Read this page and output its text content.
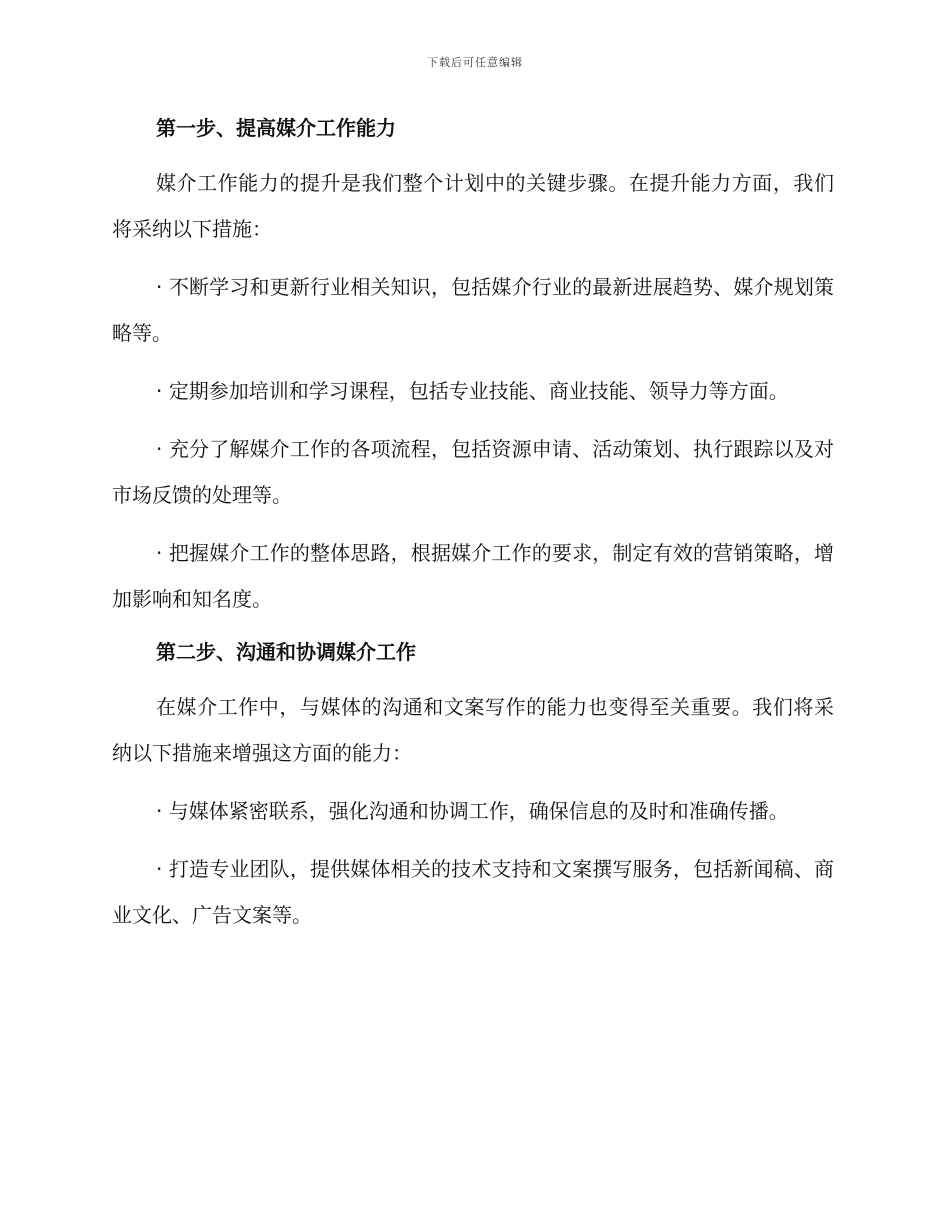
下载后可任意编辑
第一步、提高媒介工作能力

媒介工作能力的提升是我们整个计划中的关键步骤。在提升能力方面，我们将采纳以下措施：

· 不断学习和更新行业相关知识，包括媒介行业的最新进展趋势、媒介规划策略等。

· 定期参加培训和学习课程，包括专业技能、商业技能、领导力等方面。

· 充分了解媒介工作的各项流程，包括资源申请、活动策划、执行跟踪以及对市场反馈的处理等。

· 把握媒介工作的整体思路，根据媒介工作的要求，制定有效的营销策略，增加影响和知名度。

第二步、沟通和协调媒介工作

在媒介工作中，与媒体的沟通和文案写作的能力也变得至关重要。我们将采纳以下措施来增强这方面的能力：

· 与媒体紧密联系，强化沟通和协调工作，确保信息的及时和准确传播。

· 打造专业团队，提供媒体相关的技术支持和文案撰写服务，包括新闻稿、商业文化、广告文案等。
